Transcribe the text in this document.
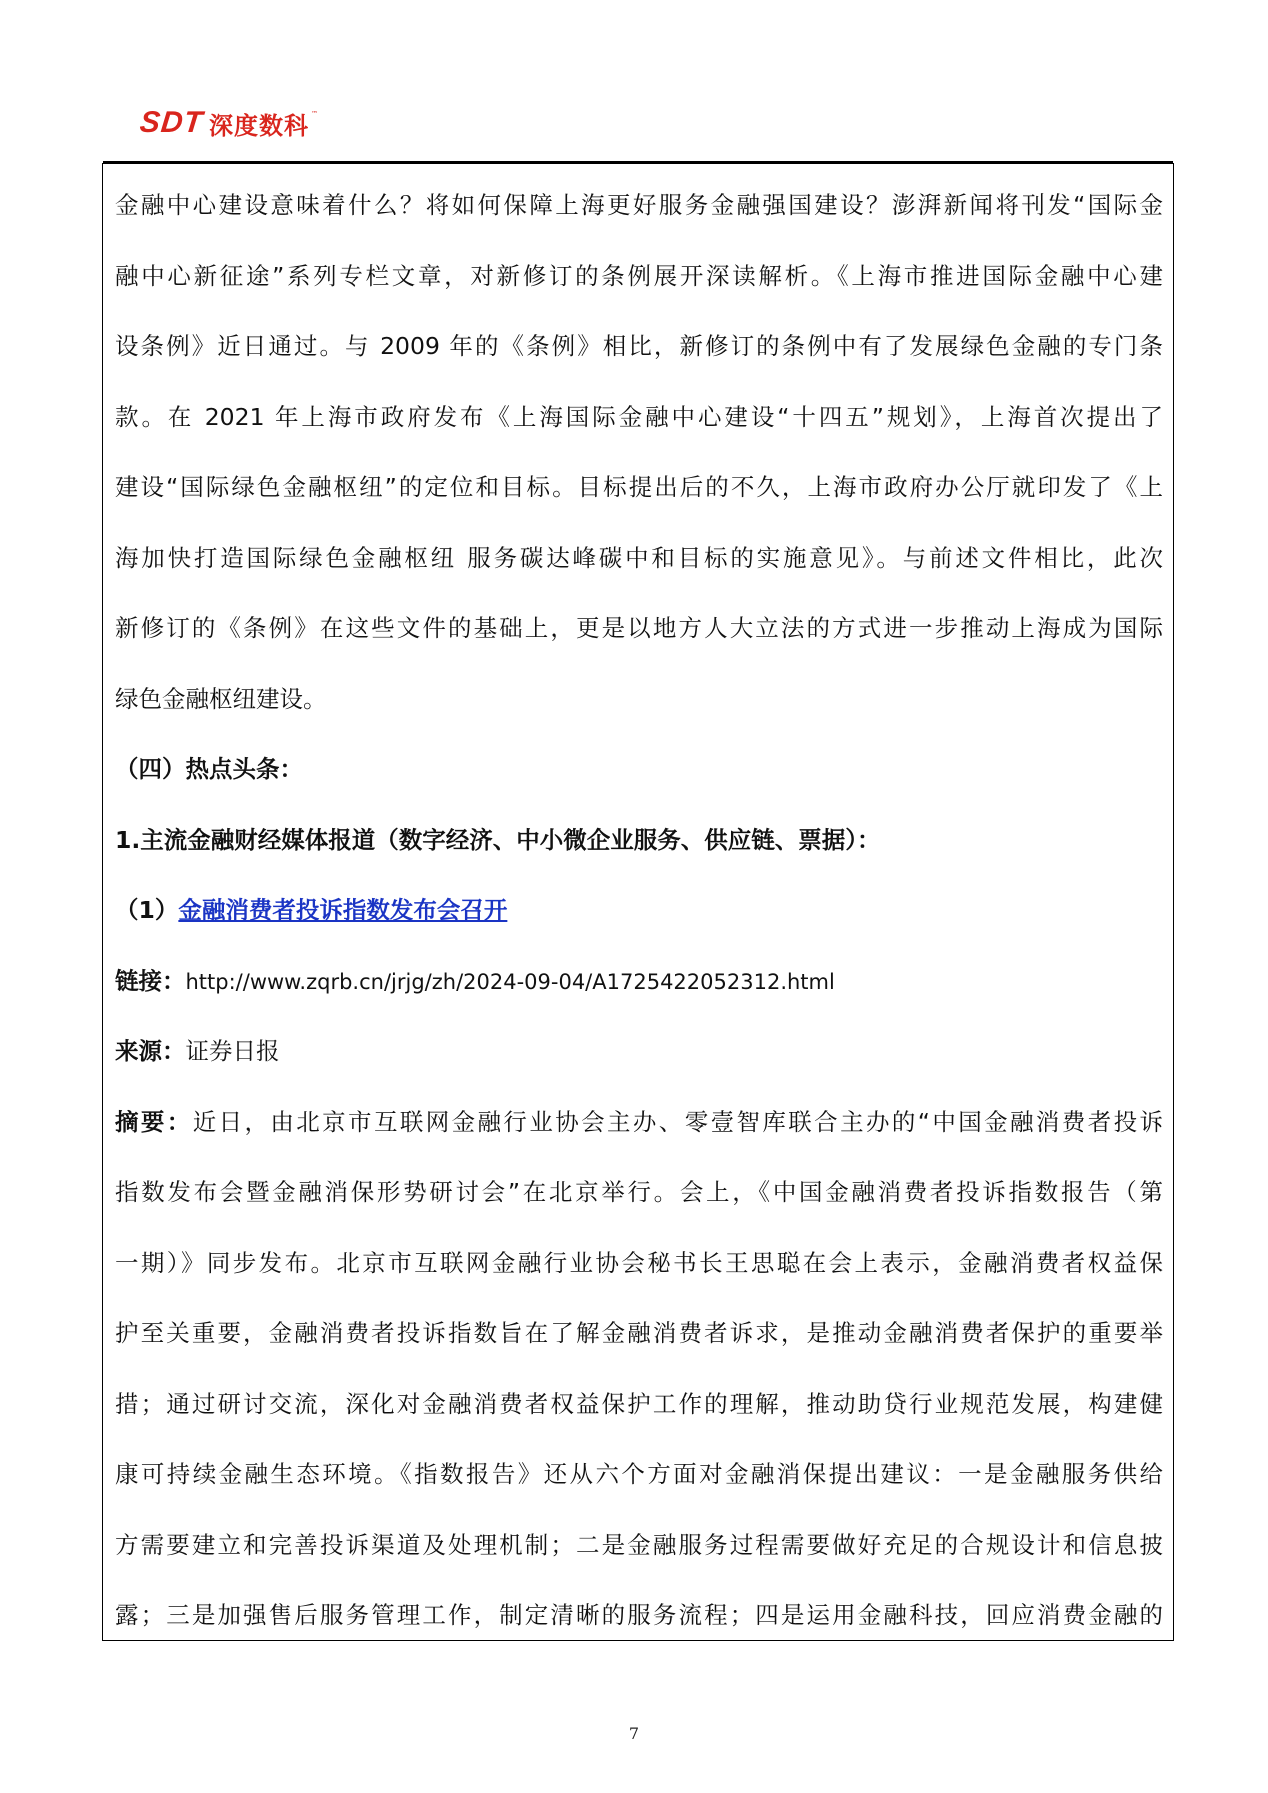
SDT 深度数科 ™
金融中心建设意味着什么？将如何保障上海更好服务金融强国建设？澎湃新闻将刊发“国际金
融中心新征途”系列专栏文章，对新修订的条例展开深读解析。《上海市推进国际金融中心建
设条例》近日通过。与 2009 年的《条例》相比，新修订的条例中有了发展绿色金融的专门条
款。在 2021 年上海市政府发布《上海国际金融中心建设“十四五”规划》，上海首次提出了
建设“国际绿色金融枢纽”的定位和目标。目标提出后的不久，上海市政府办公厅就印发了《上
海加快打造国际绿色金融枢纽 服务碳达峰碳中和目标的实施意见》。与前述文件相比，此次
新修订的《条例》在这些文件的基础上，更是以地方人大立法的方式进一步推动上海成为国际
绿色金融枢纽建设。
（四）热点头条：
1.主流金融财经媒体报道（数字经济、中小微企业服务、供应链、票据）：
（1）金融消费者投诉指数发布会召开
链接：http://www.zqrb.cn/jrjg/zh/2024-09-04/A1725422052312.html
来源：证券日报
摘要：近日，由北京市互联网金融行业协会主办、零壹智库联合主办的“中国金融消费者投诉
指数发布会暨金融消保形势研讨会”在北京举行。会上，《中国金融消费者投诉指数报告（第
一期）》同步发布。北京市互联网金融行业协会秘书长王思聪在会上表示，金融消费者权益保
护至关重要，金融消费者投诉指数旨在了解金融消费者诉求，是推动金融消费者保护的重要举
措；通过研讨交流，深化对金融消费者权益保护工作的理解，推动助贷行业规范发展，构建健
康可持续金融生态环境。《指数报告》还从六个方面对金融消保提出建议：一是金融服务供给
方需要建立和完善投诉渠道及处理机制；二是金融服务过程需要做好充足的合规设计和信息披
露；三是加强售后服务管理工作，制定清晰的服务流程；四是运用金融科技，回应消费金融的
7
